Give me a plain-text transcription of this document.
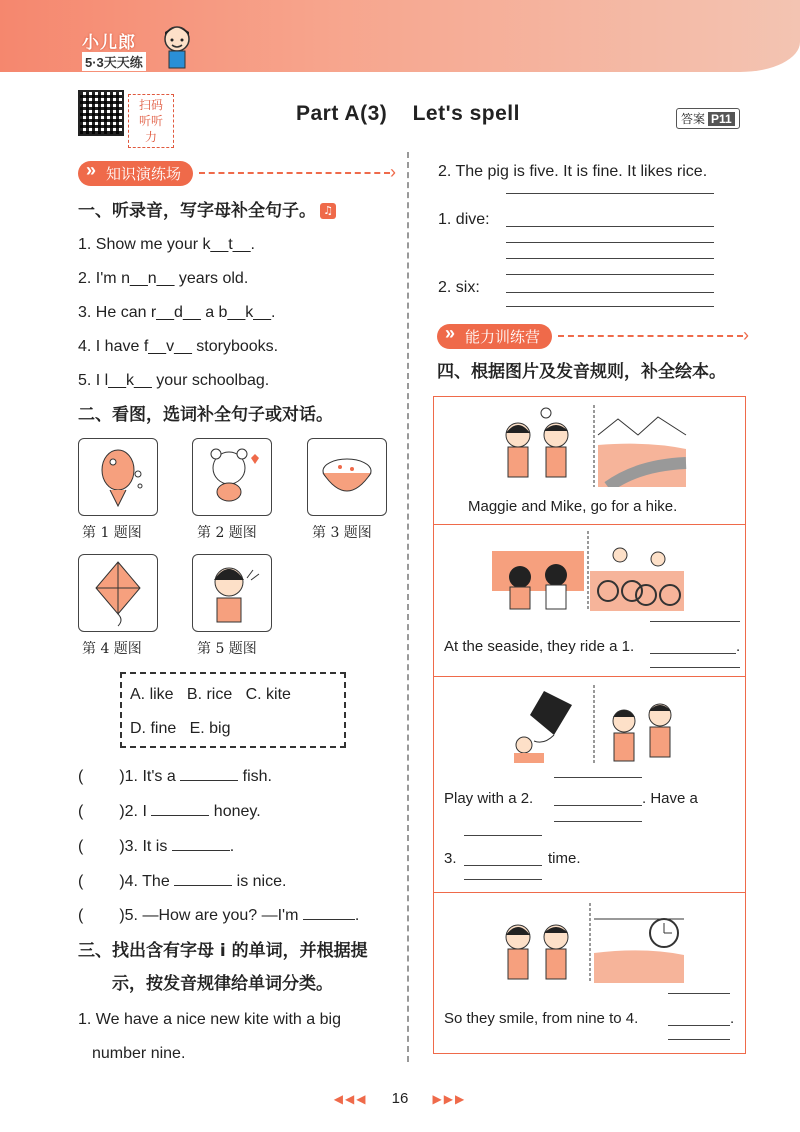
小儿郎
5·3天天练
扫码 听听力
Part A(3)    Let's spell	答案 P11
» 知识演练场
›
一、听录音，写字母补全句子。 ♫
1. Show me your k__t__.
2. I'm n__n__ years old.
3. He can r__d__ a b__k__.
4. I have f__v__ storybooks.
5. I l__k__ your schoolbag.
二、看图，选词补全句子或对话。
第 1 题图	第 2 题图	第 3 题图
第 4 题图	第 5 题图
A. like   B. rice   C. kite
D. fine   E. big
( )1. It's a	fish.
( )2. I	honey.
( )3. It is	.
( )4. The	is nice.
( )5. —How are you? —I'm	.
三、找出含有字母 i 的单词，并根据提
示，按发音规律给单词分类。
1. We have a nice new kite with a big
number nine.
2. The pig is five. It is fine. It likes rice.
1. dive:
2. six:
» 能力训练营
›
四、根据图片及发音规则，补全绘本。
Maggie and Mike, go for a hike.
At the seaside, they ride a 1.	.
Play with a 2.	. Have a
3.	time.
So they smile, from nine to 4.	.
◀◀◀ 16 ▶▶▶
